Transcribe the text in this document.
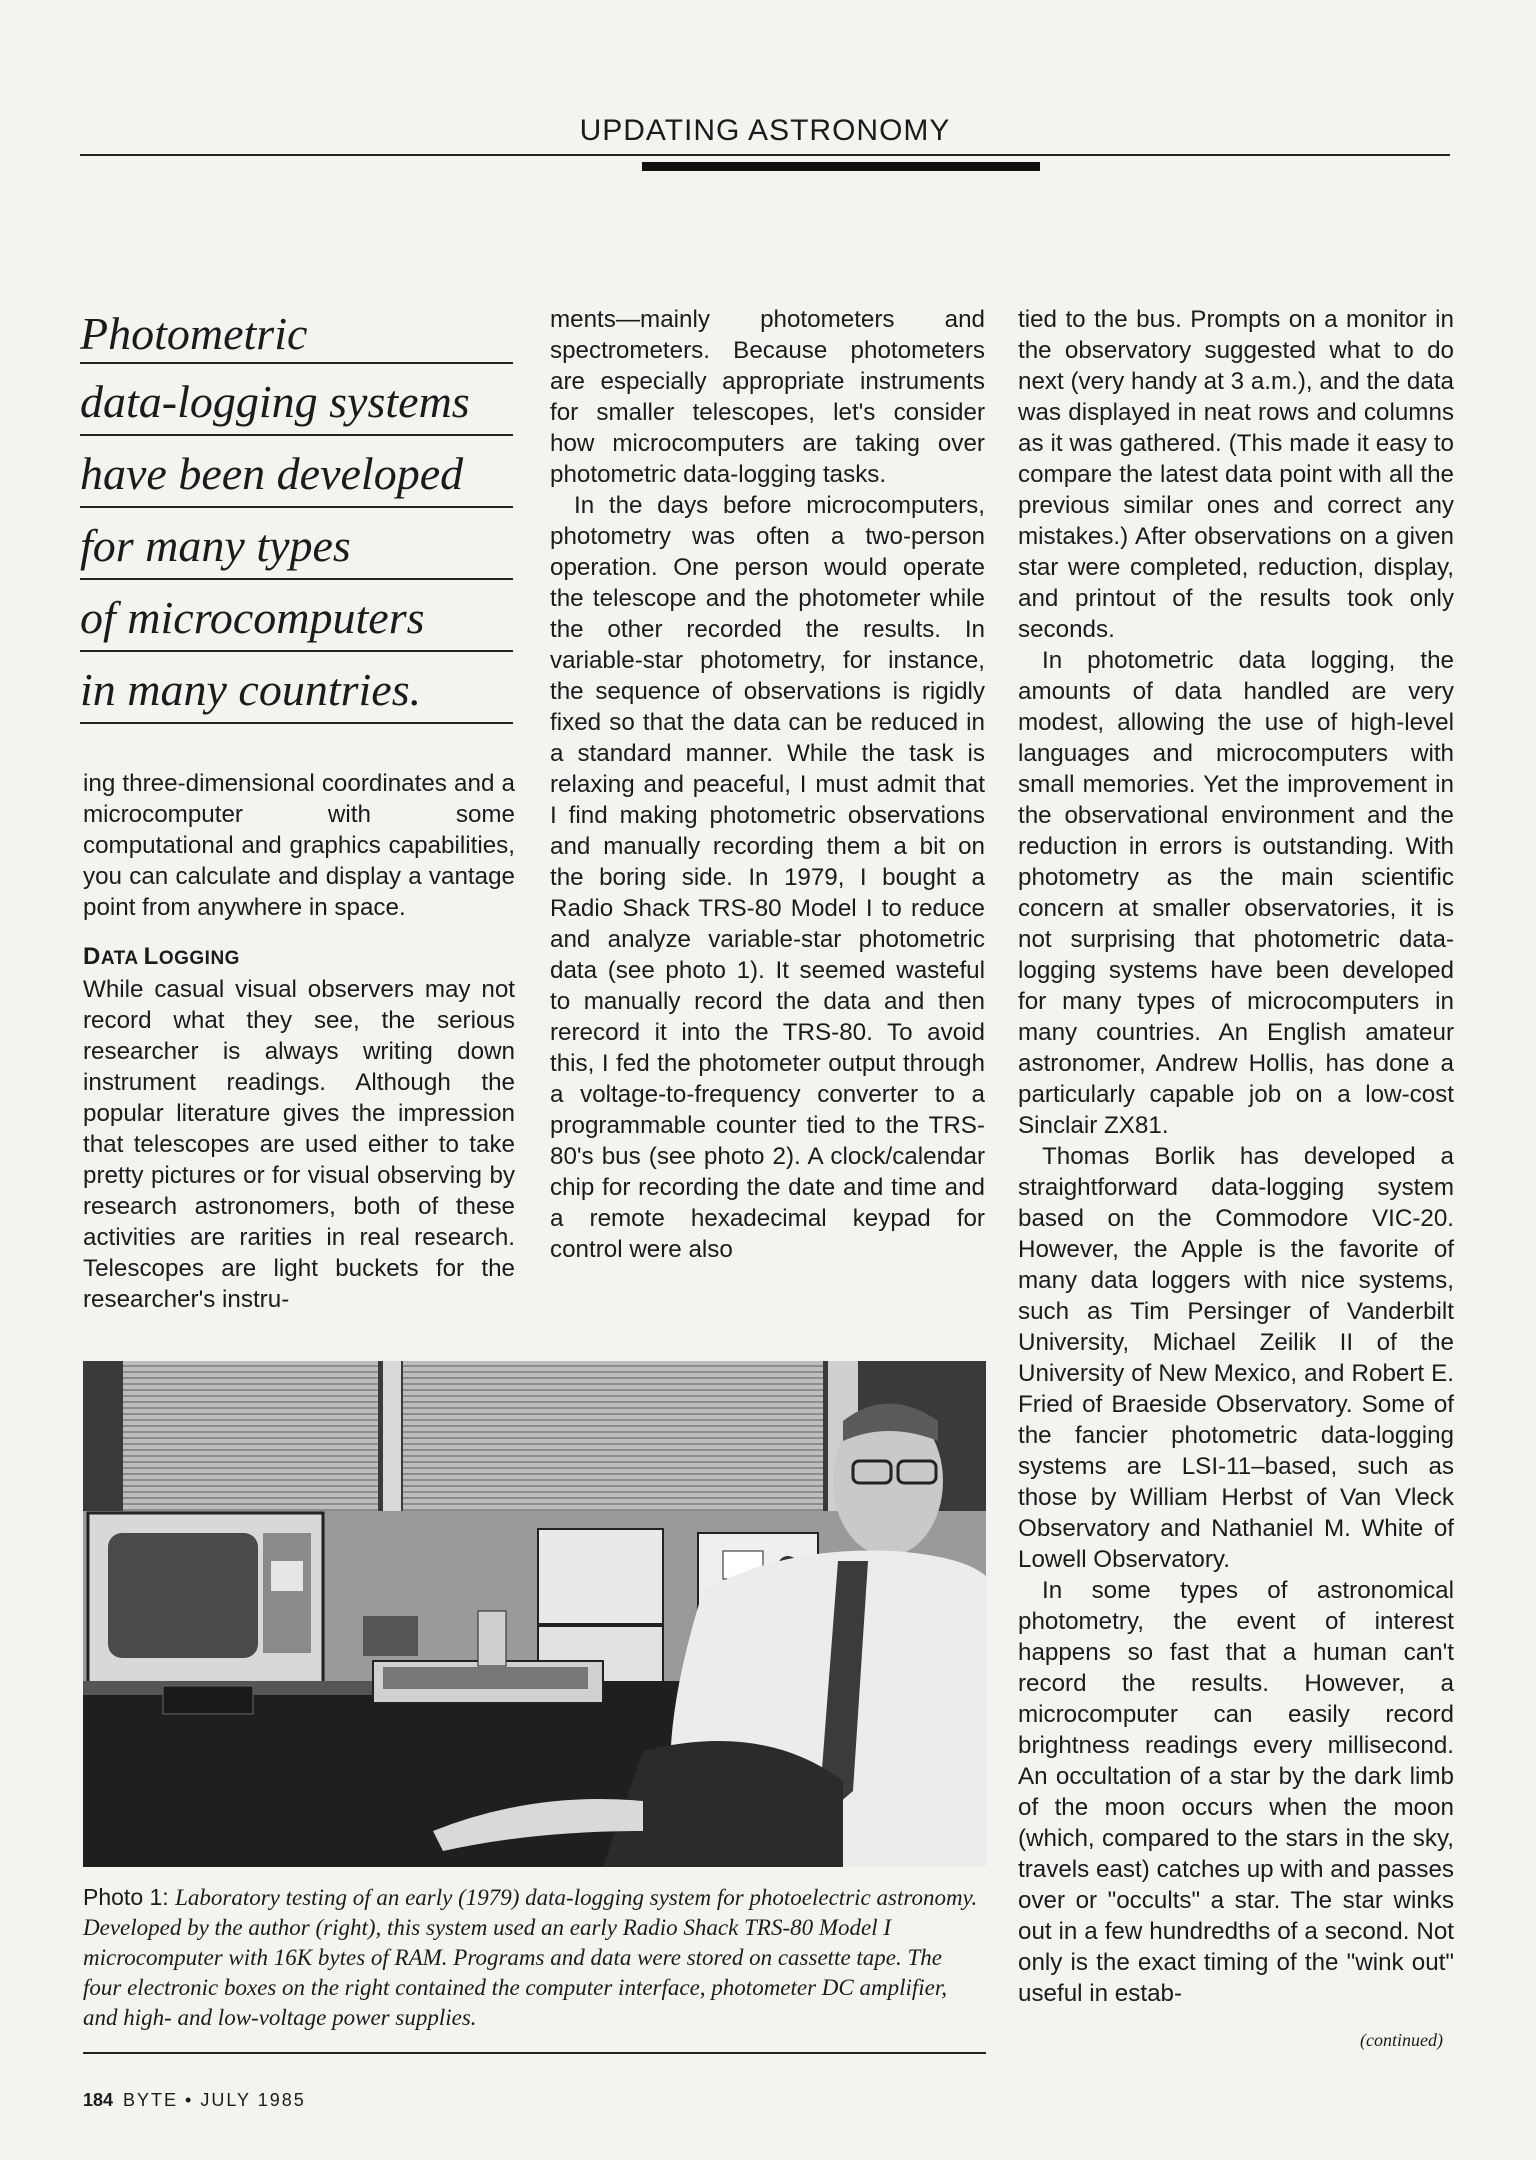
UPDATING ASTRONOMY
Photometric
data-logging systems
have been developed
for many types
of microcomputers
in many countries.

ing three-dimensional coordinates and a microcomputer with some computational and graphics capabilities, you can calculate and display a vantage point from anywhere in space.

DATA LOGGING

While casual visual observers may not record what they see, the serious researcher is always writing down instrument readings. Although the popular literature gives the impression that telescopes are used either to take pretty pictures or for visual observing by research astronomers, both of these activities are rarities in real research. Telescopes are light buckets for the researcher's instru-

ments—mainly photometers and spectrometers. Because photometers are especially appropriate instruments for smaller telescopes, let's consider how microcomputers are taking over photometric data-logging tasks.

In the days before microcomputers, photometry was often a two-person operation. One person would operate the telescope and the photometer while the other recorded the results. In variable-star photometry, for instance, the sequence of observations is rigidly fixed so that the data can be reduced in a standard manner. While the task is relaxing and peaceful, I must admit that I find making photometric observations and manually recording them a bit on the boring side. In 1979, I bought a Radio Shack TRS-80 Model I to reduce and analyze variable-star photometric data (see photo 1). It seemed wasteful to manually record the data and then rerecord it into the TRS-80. To avoid this, I fed the photometer output through a voltage-to-frequency converter to a programmable counter tied to the TRS-80's bus (see photo 2). A clock/calendar chip for recording the date and time and a remote hexadecimal keypad for control were also

tied to the bus. Prompts on a monitor in the observatory suggested what to do next (very handy at 3 a.m.), and the data was displayed in neat rows and columns as it was gathered. (This made it easy to compare the latest data point with all the previous similar ones and correct any mistakes.) After observations on a given star were completed, reduction, display, and printout of the results took only seconds.

In photometric data logging, the amounts of data handled are very modest, allowing the use of high-level languages and microcomputers with small memories. Yet the improvement in the observational environment and the reduction in errors is outstanding. With photometry as the main scientific concern at smaller observatories, it is not surprising that photometric data-logging systems have been developed for many types of microcomputers in many countries. An English amateur astronomer, Andrew Hollis, has done a particularly capable job on a low-cost Sinclair ZX81.

Thomas Borlik has developed a straightforward data-logging system based on the Commodore VIC-20. However, the Apple is the favorite of many data loggers with nice systems, such as Tim Persinger of Vanderbilt University, Michael Zeilik II of the University of New Mexico, and Robert E. Fried of Braeside Observatory. Some of the fancier photometric data-logging systems are LSI-11–based, such as those by William Herbst of Van Vleck Observatory and Nathaniel M. White of Lowell Observatory.

In some types of astronomical photometry, the event of interest happens so fast that a human can't record the results. However, a microcomputer can easily record brightness readings every millisecond. An occultation of a star by the dark limb of the moon occurs when the moon (which, compared to the stars in the sky, travels east) catches up with and passes over or "occults" a star. The star winks out in a few hundredths of a second. Not only is the exact timing of the "wink out" useful in estab-

Photo 1: Laboratory testing of an early (1979) data-logging system for photoelectric astronomy. Developed by the author (right), this system used an early Radio Shack TRS-80 Model I microcomputer with 16K bytes of RAM. Programs and data were stored on cassette tape. The four electronic boxes on the right contained the computer interface, photometer DC amplifier, and high- and low-voltage power supplies.
(continued)
184 BYTE • JULY 1985
